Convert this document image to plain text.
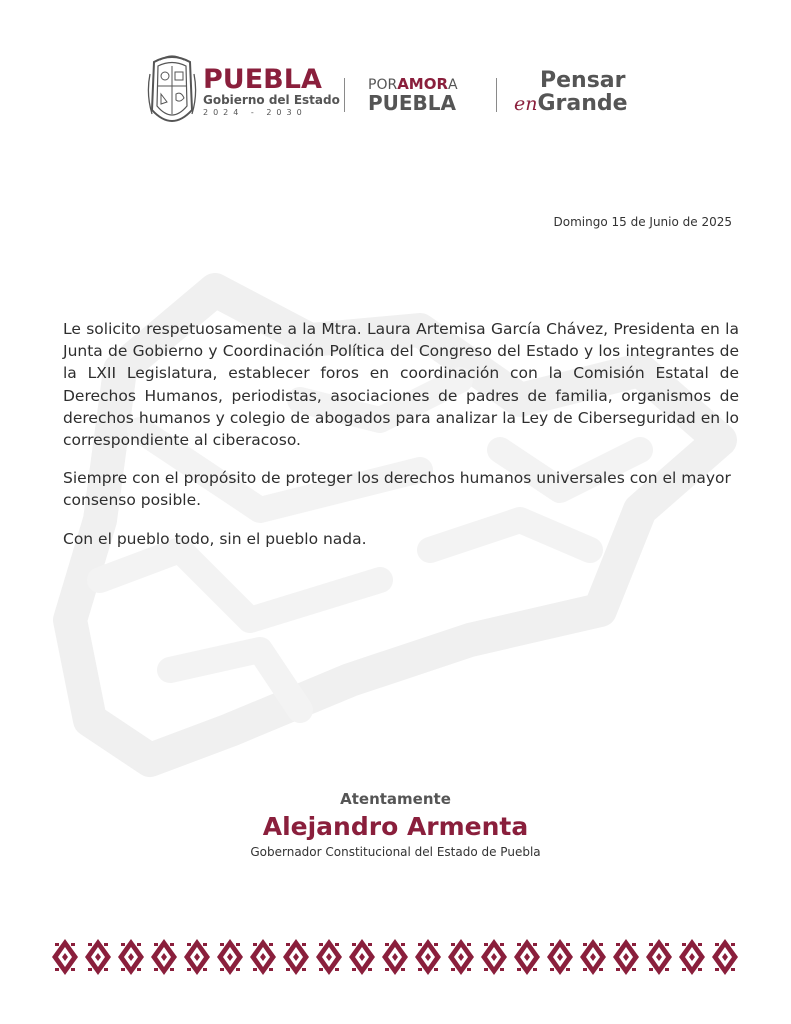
PUEBLA
Gobierno del Estado
2024 - 2030
PORAMORA
PUEBLA
Pensar
enGrande
Domingo 15 de Junio de 2025

Le solicito respetuosamente a la Mtra. Laura Artemisa García Chávez, Presidenta en la Junta de Gobierno y Coordinación Política del Congreso del Estado y los integrantes de la LXII Legislatura, establecer foros en coordinación con la Comisión Estatal de Derechos Humanos, periodistas, asociaciones de padres de familia, organismos de derechos humanos y colegio de abogados para analizar la Ley de Ciberseguridad en lo correspondiente al ciberacoso.

Siempre con el propósito de proteger los derechos humanos universales con el mayor consenso posible.

Con el pueblo todo, sin el pueblo nada.

Atentamente
Alejandro Armenta
Gobernador Constitucional del Estado de Puebla
